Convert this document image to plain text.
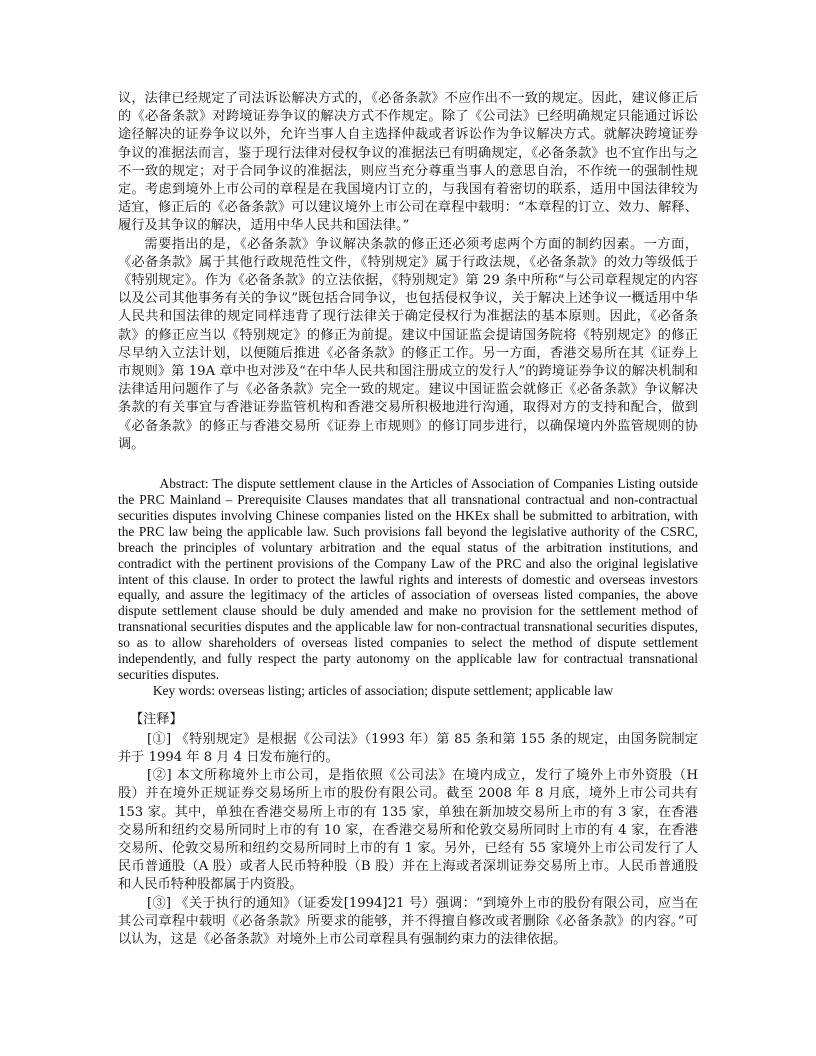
议，法律已经规定了司法诉讼解决方式的，《必备条款》不应作出不一致的规定。因此，建议修正后的《必备条款》对跨境证券争议的解决方式不作规定。除了《公司法》已经明确规定只能通过诉讼途径解决的证券争议以外，允许当事人自主选择仲裁或者诉讼作为争议解决方式。就解决跨境证券争议的准据法而言，鉴于现行法律对侵权争议的准据法已有明确规定，《必备条款》也不宜作出与之不一致的规定；对于合同争议的准据法，则应当充分尊重当事人的意思自治，不作统一的强制性规定。考虑到境外上市公司的章程是在我国境内订立的，与我国有着密切的联系，适用中国法律较为适宜，修正后的《必备条款》可以建议境外上市公司在章程中载明：“本章程的订立、效力、解释、履行及其争议的解决，适用中华人民共和国法律。”

需要指出的是，《必备条款》争议解决条款的修正还必须考虑两个方面的制约因素。一方面，《必备条款》属于其他行政规范性文件，《特别规定》属于行政法规，《必备条款》的效力等级低于《特别规定》。作为《必备条款》的立法依据，《特别规定》第 29 条中所称“与公司章程规定的内容以及公司其他事务有关的争议”既包括合同争议，也包括侵权争议，关于解决上述争议一概适用中华人民共和国法律的规定同样违背了现行法律关于确定侵权行为准据法的基本原则。因此，《必备条款》的修正应当以《特别规定》的修正为前提。建议中国证监会提请国务院将《特别规定》的修正尽早纳入立法计划，以便随后推进《必备条款》的修正工作。另一方面，香港交易所在其《证券上市规则》第 19A 章中也对涉及“在中华人民共和国注册成立的发行人”的跨境证券争议的解决机制和法律适用问题作了与《必备条款》完全一致的规定。建议中国证监会就修正《必备条款》争议解决条款的有关事宜与香港证券监管机构和香港交易所积极地进行沟通，取得对方的支持和配合，做到《必备条款》的修正与香港交易所《证券上市规则》的修订同步进行，以确保境内外监管规则的协调。

Abstract: The dispute settlement clause in the Articles of Association of Companies Listing outside the PRC Mainland – Prerequisite Clauses mandates that all transnational contractual and non-contractual securities disputes involving Chinese companies listed on the HKEx shall be submitted to arbitration, with the PRC law being the applicable law. Such provisions fall beyond the legislative authority of the CSRC, breach the principles of voluntary arbitration and the equal status of the arbitration institutions, and contradict with the pertinent provisions of the Company Law of the PRC and also the original legislative intent of this clause. In order to protect the lawful rights and interests of domestic and overseas investors equally, and assure the legitimacy of the articles of association of overseas listed companies, the above dispute settlement clause should be duly amended and make no provision for the settlement method of transnational securities disputes and the applicable law for non-contractual transnational securities disputes, so as to allow shareholders of overseas listed companies to select the method of dispute settlement independently, and fully respect the party autonomy on the applicable law for contractual transnational securities disputes.

Key words: overseas listing; articles of association; dispute settlement; applicable law

【注释】

[①] 《特别规定》是根据《公司法》（1993 年）第 85 条和第 155 条的规定，由国务院制定并于 1994 年 8 月 4 日发布施行的。

[②] 本文所称境外上市公司，是指依照《公司法》在境内成立，发行了境外上市外资股（H 股）并在境外正规证券交易场所上市的股份有限公司。截至 2008 年 8 月底，境外上市公司共有 153 家。其中，单独在香港交易所上市的有 135 家，单独在新加坡交易所上市的有 3 家，在香港交易所和纽约交易所同时上市的有 10 家，在香港交易所和伦敦交易所同时上市的有 4 家，在香港交易所、伦敦交易所和纽约交易所同时上市的有 1 家。另外，已经有 55 家境外上市公司发行了人民币普通股（A 股）或者人民币特种股（B 股）并在上海或者深圳证券交易所上市。人民币普通股和人民币特种股都属于内资股。

[③] 《关于执行的通知》（证委发[1994]21 号）强调：“到境外上市的股份有限公司，应当在其公司章程中载明《必备条款》所要求的能够，并不得擅自修改或者删除《必备条款》的内容。”可以认为，这是《必备条款》对境外上市公司章程具有强制约束力的法律依据。
